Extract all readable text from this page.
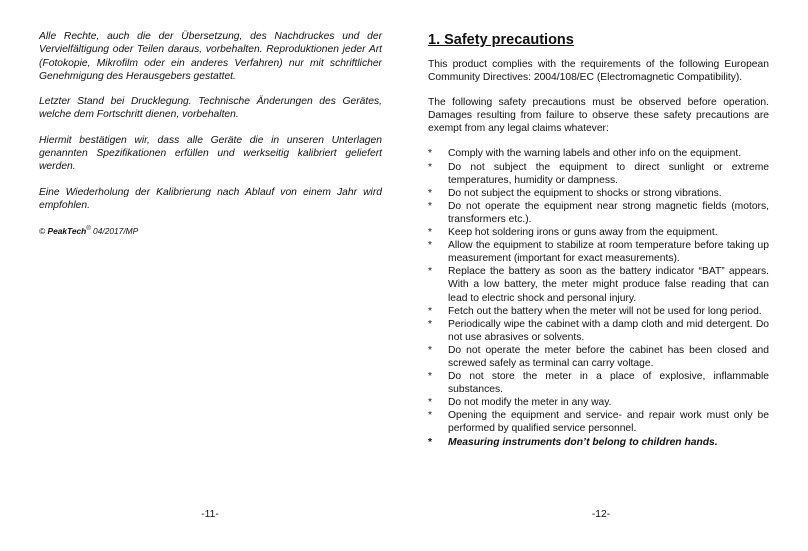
Alle Rechte, auch die der Übersetzung, des Nachdruckes und der Vervielfältigung oder Teilen daraus, vorbehalten. Reproduktionen jeder Art (Fotokopie, Mikrofilm oder ein anderes Verfahren) nur mit schriftlicher Genehmigung des Herausgebers gestattet.

Letzter Stand bei Drucklegung. Technische Änderungen des Gerätes, welche dem Fortschritt dienen, vorbehalten.

Hiermit bestätigen wir, dass alle Geräte die in unseren Unterlagen genannten Spezifikationen erfüllen und werkseitig kalibriert geliefert werden.

Eine Wiederholung der Kalibrierung nach Ablauf von einem Jahr wird empfohlen.

© PeakTech® 04/2017/MP
-11-
1. Safety precautions

This product complies with the requirements of the following European Community Directives: 2004/108/EC (Electromagnetic Compatibility).

The following safety precautions must be observed before operation. Damages resulting from failure to observe these safety precautions are exempt from any legal claims whatever:

* Comply with the warning labels and other info on the equipment.
* Do not subject the equipment to direct sunlight or extreme temperatures, humidity or dampness.
* Do not subject the equipment to shocks or strong vibrations.
* Do not operate the equipment near strong magnetic fields (motors, transformers etc.).
* Keep hot soldering irons or guns away from the equipment.
* Allow the equipment to stabilize at room temperature before taking up measurement (important for exact measurements).
* Replace the battery as soon as the battery indicator “BAT” appears. With a low battery, the meter might produce false reading that can lead to electric shock and personal injury.
* Fetch out the battery when the meter will not be used for long period.
* Periodically wipe the cabinet with a damp cloth and mid detergent. Do not use abrasives or solvents.
* Do not operate the meter before the cabinet has been closed and screwed safely as terminal can carry voltage.
* Do not store the meter in a place of explosive, inflammable substances.
* Do not modify the meter in any way.
* Opening the equipment and service- and repair work must only be performed by qualified service personnel.
* Measuring instruments don’t belong to children hands.
-12-
